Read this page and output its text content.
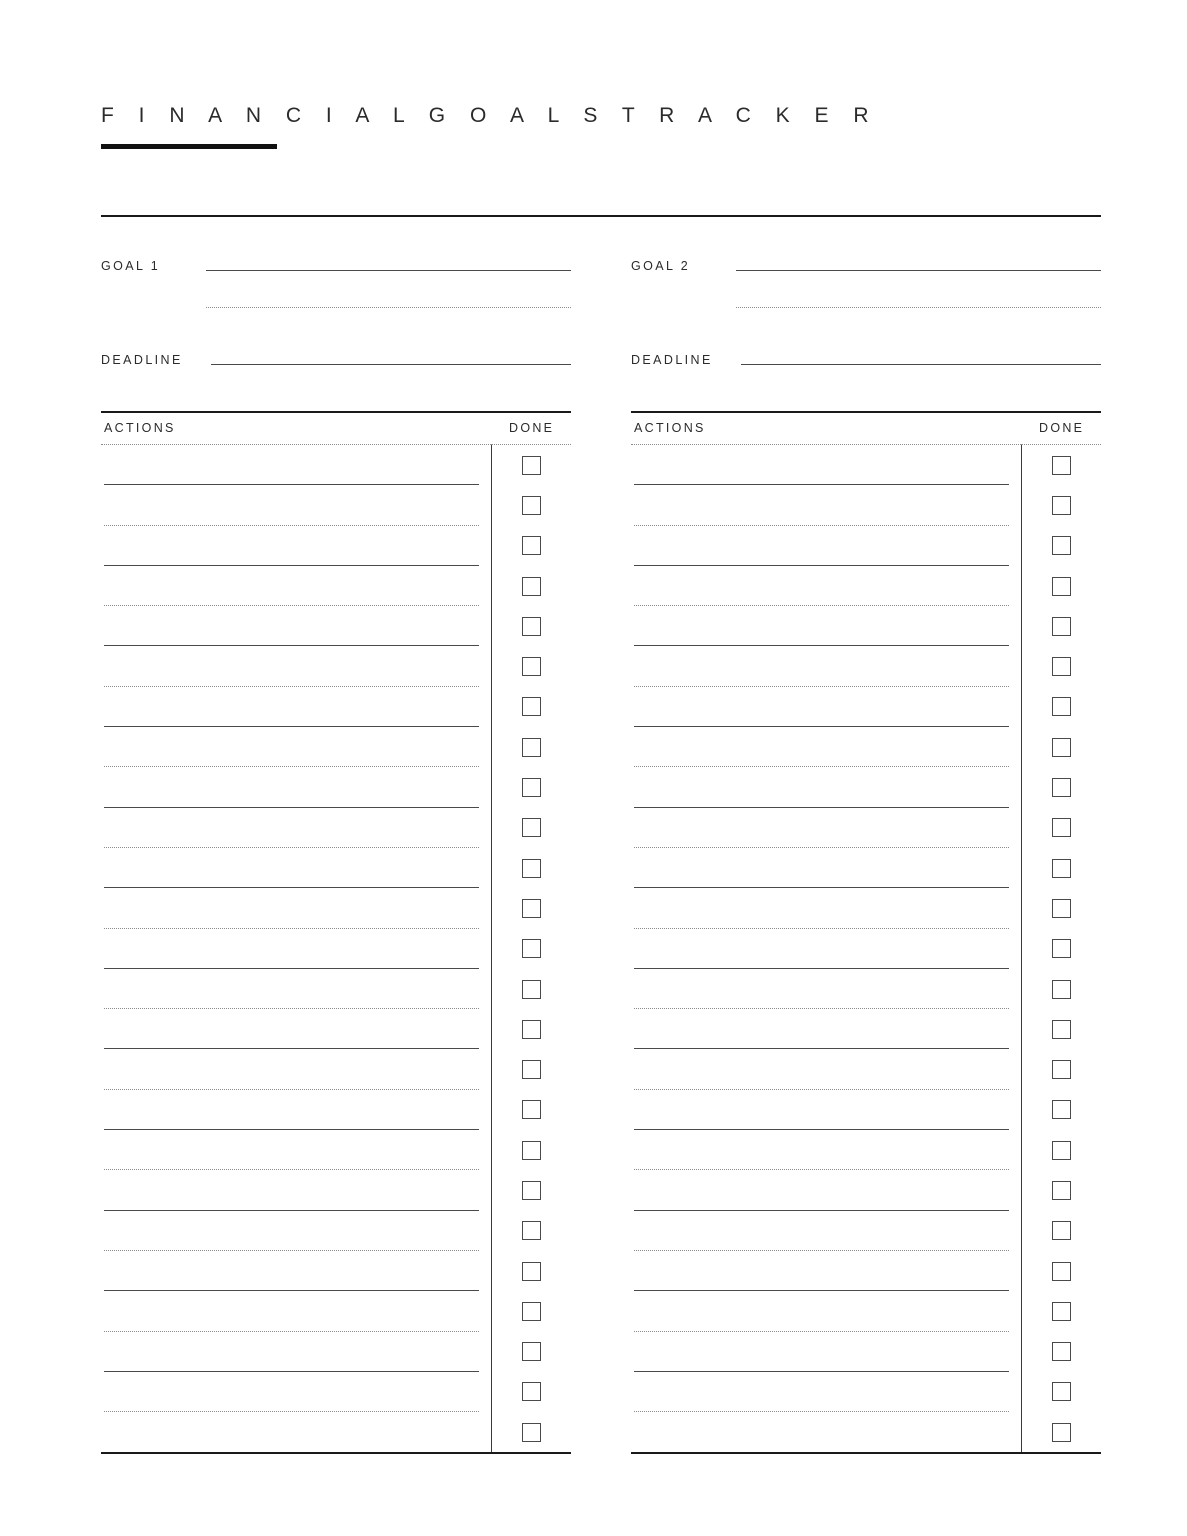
F I N A N C I A L G O A L S T R A C K E R
GOAL 1
DEADLINE
GOAL 2
DEADLINE
ACTIONS	DONE	ACTIONS	DONE
